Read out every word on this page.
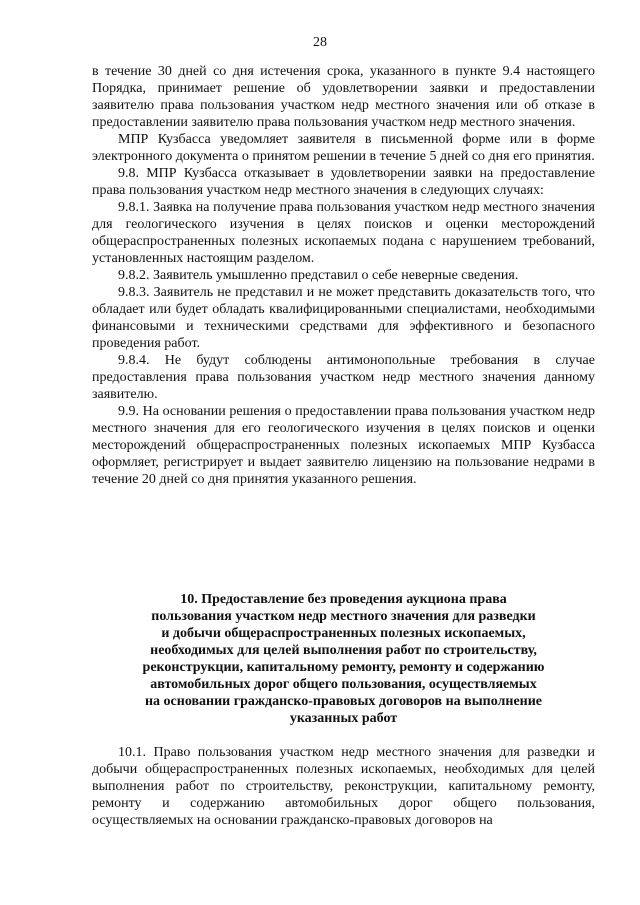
28

в течение 30 дней со дня истечения срока, указанного в пункте 9.4 настоящего Порядка, принимает решение об удовлетворении заявки и предоставлении заявителю права пользования участком недр местного значения или об отказе в предоставлении заявителю права пользования участком недр местного значения.

МПР Кузбасса уведомляет заявителя в письменной форме или в форме электронного документа о принятом решении в течение 5 дней со дня его принятия.

9.8. МПР Кузбасса отказывает в удовлетворении заявки на предоставление права пользования участком недр местного значения в следующих случаях:

9.8.1. Заявка на получение права пользования участком недр местного значения для геологического изучения в целях поисков и оценки месторождений общераспространенных полезных ископаемых подана с нарушением требований, установленных настоящим разделом.

9.8.2. Заявитель умышленно представил о себе неверные сведения.

9.8.3. Заявитель не представил и не может представить доказательств того, что обладает или будет обладать квалифицированными специалистами, необходимыми финансовыми и техническими средствами для эффективного и безопасного проведения работ.

9.8.4. Не будут соблюдены антимонопольные требования в случае предоставления права пользования участком недр местного значения данному заявителю.

9.9. На основании решения о предоставлении права пользования участком недр местного значения для его геологического изучения в целях поисков и оценки месторождений общераспространенных полезных ископаемых МПР Кузбасса оформляет, регистрирует и выдает заявителю лицензию на пользование недрами в течение 20 дней со дня принятия указанного решения.

10. Предоставление без проведения аукциона права
пользования участком недр местного значения для разведки
и добычи общераспространенных полезных ископаемых,
необходимых для целей выполнения работ по строительству,
реконструкции, капитальному ремонту, ремонту и содержанию
автомобильных дорог общего пользования, осуществляемых
на основании гражданско-правовых договоров на выполнение
указанных работ

10.1. Право пользования участком недр местного значения для разведки и добычи общераспространенных полезных ископаемых, необходимых для целей выполнения работ по строительству, реконструкции, капитальному ремонту, ремонту и содержанию автомобильных дорог общего пользования, осуществляемых на основании гражданско-правовых договоров на
